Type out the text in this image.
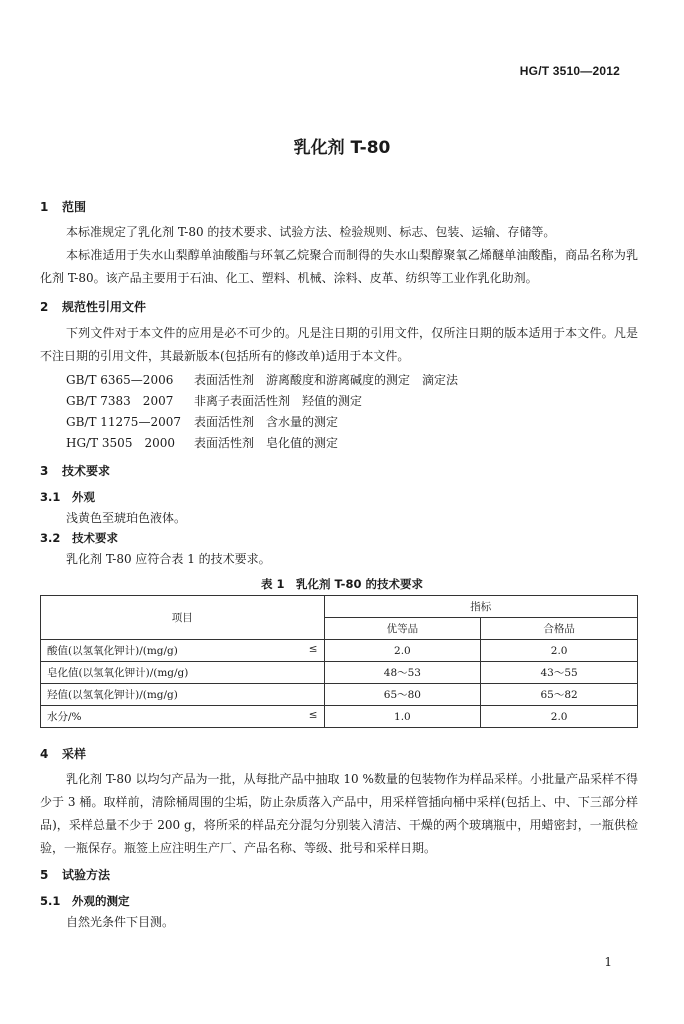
HG/T 3510—2012
乳化剂 T-80
1 范围
本标准规定了乳化剂 T-80 的技术要求、试验方法、检验规则、标志、包装、运输、存储等。
本标准适用于失水山梨醇单油酸酯与环氧乙烷聚合而制得的失水山梨醇聚氧乙烯醚单油酸酯，商品名称为乳化剂 T-80。该产品主要用于石油、化工、塑料、机械、涂料、皮革、纺织等工业作乳化助剂。
2 规范性引用文件
下列文件对于本文件的应用是必不可少的。凡是注日期的引用文件，仅所注日期的版本适用于本文件。凡是不注日期的引用文件，其最新版本(包括所有的修改单)适用于本文件。
GB/T 6365—2006 表面活性剂　游离酸度和游离碱度的测定　滴定法
GB/T 7383　2007 非离子表面活性剂　羟值的测定
GB/T 11275—2007 表面活性剂　含水量的测定
HG/T 3505　2000 表面活性剂　皂化值的测定
3 技术要求
3.1 外观
浅黄色至琥珀色液体。
3.2 技术要求
乳化剂 T-80 应符合表 1 的技术要求。
表 1　乳化剂 T-80 的技术要求
项目	指标	
	优等品	合格品
酸值(以氢氧化钾计)/(mg/g) ≤	2.0	2.0
皂化值(以氢氧化钾计)/(mg/g)	48～53	43～55
羟值(以氢氧化钾计)/(mg/g)	65～80	65～82
水分/% ≤	1.0	2.0
4 采样
乳化剂 T-80 以均匀产品为一批，从每批产品中抽取 10 %数量的包装物作为样品采样。小批量产品采样不得少于 3 桶。取样前，清除桶周围的尘垢，防止杂质落入产品中，用采样管插向桶中采样(包括上、中、下三部分样品)，采样总量不少于 200 g，将所采的样品充分混匀分别装入清洁、干燥的两个玻璃瓶中，用蜡密封，一瓶供检验，一瓶保存。瓶签上应注明生产厂、产品名称、等级、批号和采样日期。
5 试验方法
5.1 外观的测定
自然光条件下目测。
1
